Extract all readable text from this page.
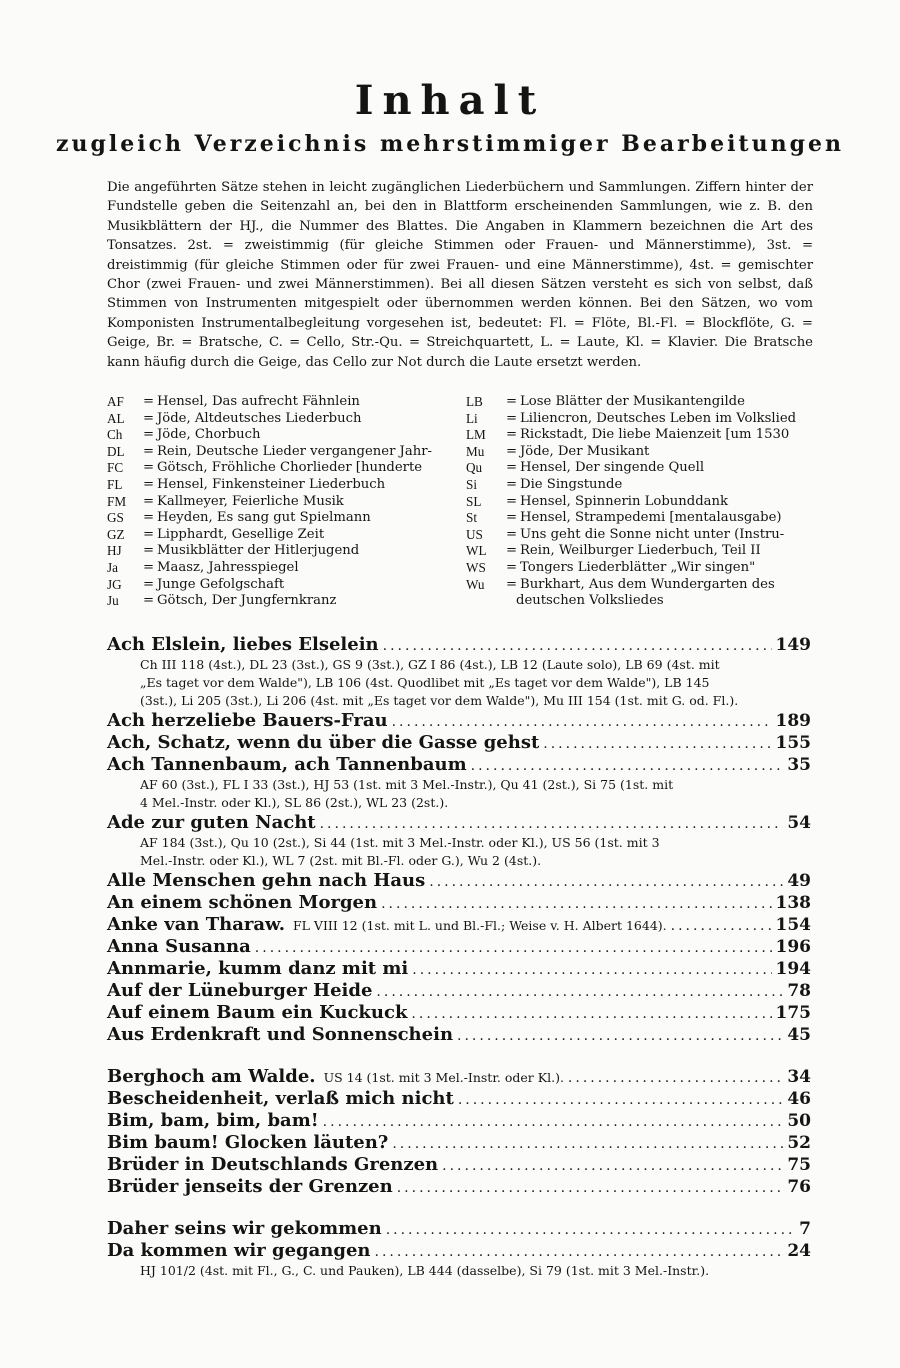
Inhalt
zugleich Verzeichnis mehrstimmiger Bearbeitungen

Die angeführten Sätze stehen in leicht zugänglichen Liederbüchern und Sammlungen. Ziffern hinter der Fundstelle geben die Seitenzahl an, bei den in Blattform erscheinenden Sammlungen, wie z. B. den Musikblättern der HJ., die Nummer des Blattes. Die Angaben in Klammern bezeichnen die Art des Tonsatzes. 2st. = zweistimmig (für gleiche Stimmen oder Frauen- und Männerstimme), 3st. = dreistimmig (für gleiche Stimmen oder für zwei Frauen- und eine Männerstimme), 4st. = gemischter Chor (zwei Frauen- und zwei Männerstimmen). Bei all diesen Sätzen versteht es sich von selbst, daß Stimmen von Instrumenten mitgespielt oder übernommen werden können. Bei den Sätzen, wo vom Komponisten Instrumentalbegleitung vorgesehen ist, bedeutet: Fl. = Flöte, Bl.-Fl. = Blockflöte, G. = Geige, Br. = Bratsche, C. = Cello, Str.-Qu. = Streichquartett, L. = Laute, Kl. = Klavier. Die Bratsche kann häufig durch die Geige, das Cello zur Not durch die Laute ersetzt werden.

AF	= Hensel, Das aufrecht Fähnlein
AL	= Jöde, Altdeutsches Liederbuch
Ch	= Jöde, Chorbuch
DL	= Rein, Deutsche Lieder vergangener Jahr-
FC	= Götsch, Fröhliche Chorlieder [hunderte
FL	= Hensel, Finkensteiner Liederbuch
FM	= Kallmeyer, Feierliche Musik
GS	= Heyden, Es sang gut Spielmann
GZ	= Lipphardt, Gesellige Zeit
HJ	= Musikblätter der Hitlerjugend
Ja	= Maasz, Jahresspiegel
JG	= Junge Gefolgschaft
Ju	= Götsch, Der Jungfernkranz
LB	= Lose Blätter der Musikantengilde
Li	= Liliencron, Deutsches Leben im Volkslied
LM	= Rickstadt, Die liebe Maienzeit [um 1530
Mu	= Jöde, Der Musikant
Qu	= Hensel, Der singende Quell
Si	= Die Singstunde
SL	= Hensel, Spinnerin Lobunddank
St	= Hensel, Strampedemi [mentalausgabe)
US	= Uns geht die Sonne nicht unter (Instru-
WL	= Rein, Weilburger Liederbuch, Teil II
WS	= Tongers Liederblätter „Wir singen"
Wu	= Burkhart, Aus dem Wundergarten des
deutschen Volksliedes
Ach Elslein, liebes Elselein .....	149
Ch III 118 (4st.), DL 23 (3st.), GS 9 (3st.), GZ I 86 (4st.), LB 12 (Laute solo), LB 69 (4st. mit
„Es taget vor dem Walde"), LB 106 (4st. Quodlibet mit „Es taget vor dem Walde"), LB 145
(3st.), Li 205 (3st.), Li 206 (4st. mit „Es taget vor dem Walde"), Mu III 154 (1st. mit G. od. Fl.).
Ach herzeliebe Bauers-Frau .....	189
Ach, Schatz, wenn du über die Gasse gehst .....	155
Ach Tannenbaum, ach Tannenbaum .....	35
AF 60 (3st.), FL I 33 (3st.), HJ 53 (1st. mit 3 Mel.-Instr.), Qu 41 (2st.), Si 75 (1st. mit
4 Mel.-Instr. oder Kl.), SL 86 (2st.), WL 23 (2st.).
Ade zur guten Nacht .....	54
AF 184 (3st.), Qu 10 (2st.), Si 44 (1st. mit 3 Mel.-Instr. oder Kl.), US 56 (1st. mit 3
Mel.-Instr. oder Kl.), WL 7 (2st. mit Bl.-Fl. oder G.), Wu 2 (4st.).
Alle Menschen gehn nach Haus .....	49
An einem schönen Morgen .....	138
Anke van Tharaw. FL VIII 12 (1st. mit L. und Bl.-Fl.; Weise v. H. Albert 1644). .....	154
Anna Susanna .....	196
Annmarie, kumm danz mit mi .....	194
Auf der Lüneburger Heide .....	78
Auf einem Baum ein Kuckuck .....	175
Aus Erdenkraft und Sonnenschein .....	45
Berghoch am Walde. US 14 (1st. mit 3 Mel.-Instr. oder Kl.). .....	34
Bescheidenheit, verlaß mich nicht .....	46
Bim, bam, bim, bam! .....	50
Bim baum! Glocken läuten? .....	52
Brüder in Deutschlands Grenzen .....	75
Brüder jenseits der Grenzen .....	76
Daher seins wir gekommen .....	7
Da kommen wir gegangen .....	24
HJ 101/2 (4st. mit Fl., G., C. und Pauken), LB 444 (dasselbe), Si 79 (1st. mit 3 Mel.-Instr.).
